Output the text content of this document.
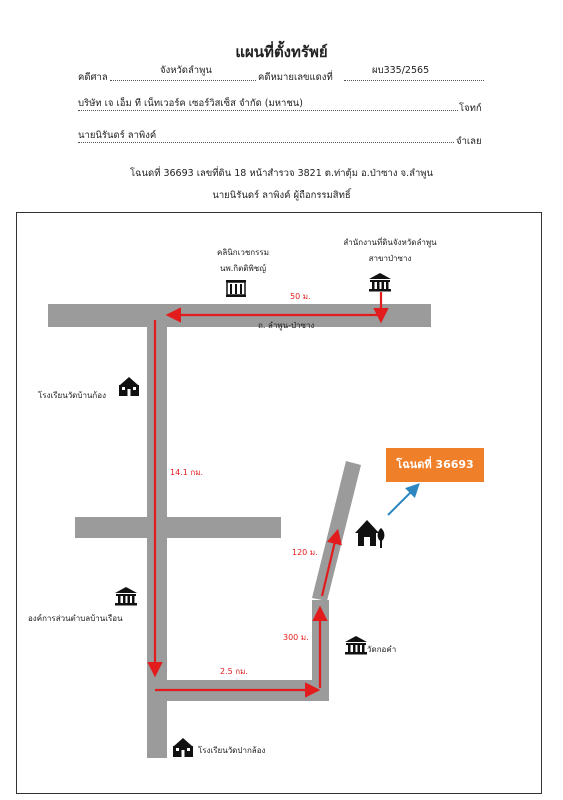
แผนที่ตั้งทรัพย์
คดีศาล
จังหวัดลำพูน
คดีหมายเลขแดงที่
ผบ335/2565
บริษัท เจ เอ็ม ที เน็ทเวอร์ค เซอร์วิสเซ็ส จำกัด (มหาชน)	โจทก์
นายนิรันดร์ ลาพิงค์
จำเลย
โฉนดที่ 36693 เลขที่ดิน 18 หน้าสำรวจ 3821 ต.ท่าตุ้ม อ.ป่าซาง จ.ลำพูน
นายนิรันดร์ ลาพิงค์ ผู้ถือกรรมสิทธิ์
สำนักงานที่ดินจังหวัดลำพูน
สาขาป่าซาง
คลินิกเวชกรรม
นพ.กิตติพิชญ์
50 ม.
ถ. ลำพูน-ป่าซาง
โรงเรียนวัดบ้านก้อง
14.1 กม.
องค์การส่วนตำบลบ้านเรือน
2.5 กม.
300 ม.
120 ม.
วัดกอคำ
โฉนดที่ 36693
โรงเรียนวัดปากล้อง
